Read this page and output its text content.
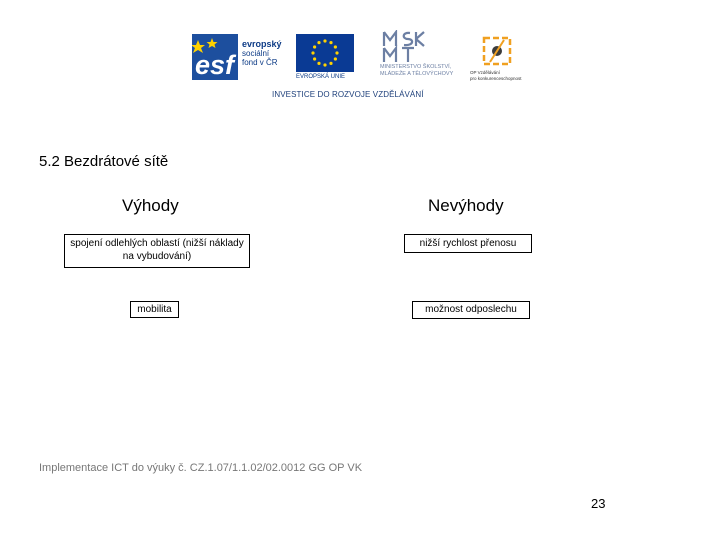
esf
evropský
sociální
fond v ČR
EVROPSKÁ UNIE
MINISTERSTVO ŠKOLSTVÍ,
MLÁDEŽE A TĚLOVÝCHOVY	OP Vzdělávání
pro konkurenceschopnost
INVESTICE DO ROZVOJE VZDĚLÁVÁNÍ
5.2 Bezdrátové sítě
Výhody	Nevýhody
spojení odlehlých oblastí (nižší náklady na vybudování)
mobilita
nižší rychlost přenosu
možnost odposlechu
Implementace ICT do výuky č. CZ.1.07/1.1.02/02.0012 GG OP VK
23
